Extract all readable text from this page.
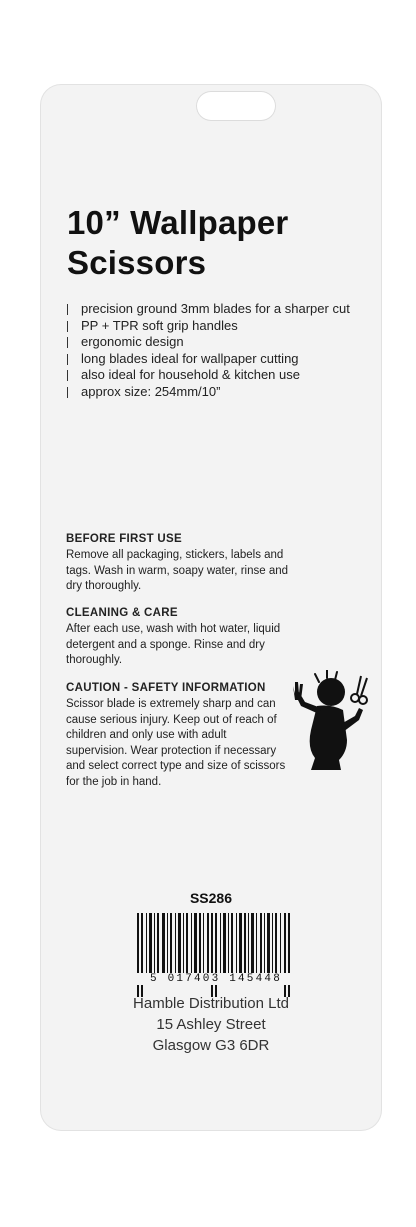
10” Wallpaper
Scissors
precision ground 3mm blades for a sharper cut
PP + TPR soft grip handles
ergonomic design
long blades ideal for wallpaper cutting
also ideal for household & kitchen use
approx size: 254mm/10”
BEFORE FIRST USE

Remove all packaging, stickers, labels and tags. Wash in warm, soapy water, rinse and dry thoroughly.

CLEANING & CARE

After each use, wash with hot water, liquid detergent and a sponge. Rinse and dry thoroughly.

CAUTION - SAFETY INFORMATION

Scissor blade is extremely sharp and can cause serious injury. Keep out of reach of children and only use with adult supervision. Wear protection if necessary and select correct type and size of scissors for the job in hand.

SS286
5 017403 145448
Hamble Distribution Ltd
15 Ashley Street
Glasgow G3 6DR
